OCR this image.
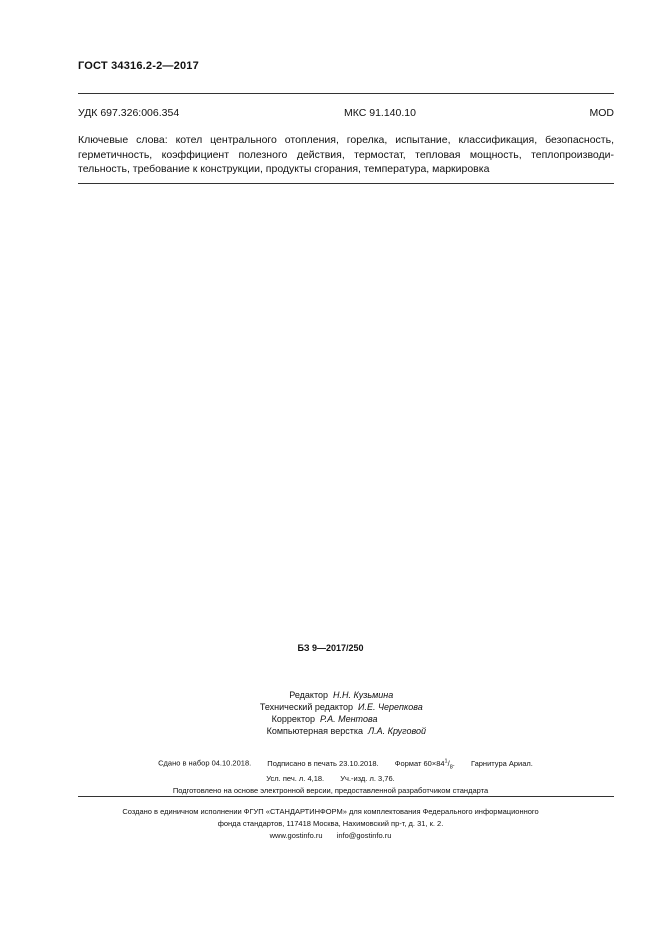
ГОСТ 34316.2-2—2017
УДК 697.326:006.354	МКС 91.140.10	MOD
Ключевые слова: котел центрального отопления, горелка, испытание, классификация, безопасность,
герметичность, коэффициент полезного действия, термостат, тепловая мощность, теплопроизводи-
тельность, требование к конструкции, продукты сгорания, температура, маркировка
БЗ 9—2017/250
Редактор Н.Н. Кузьмина
Технический редактор И.Е. Черепкова
Корректор Р.А. Ментова
Компьютерная верстка Л.А. Круговой
Сдано в набор 04.10.2018. Подписано в печать 23.10.2018. Формат $60\times 84^1/_8$. Гарнитура Ариал.
Усл. печ. л. 4,18. Уч.-изд. л. 3,76.
Подготовлено на основе электронной версии, предоставленной разработчиком стандарта
Создано в единичном исполнении ФГУП «СТАНДАРТИНФОРМ» для комплектования Федерального информационного
фонда стандартов, 117418 Москва, Нахимовский пр-т, д. 31, к. 2.
www.gostinfo.ru info@gostinfo.ru
